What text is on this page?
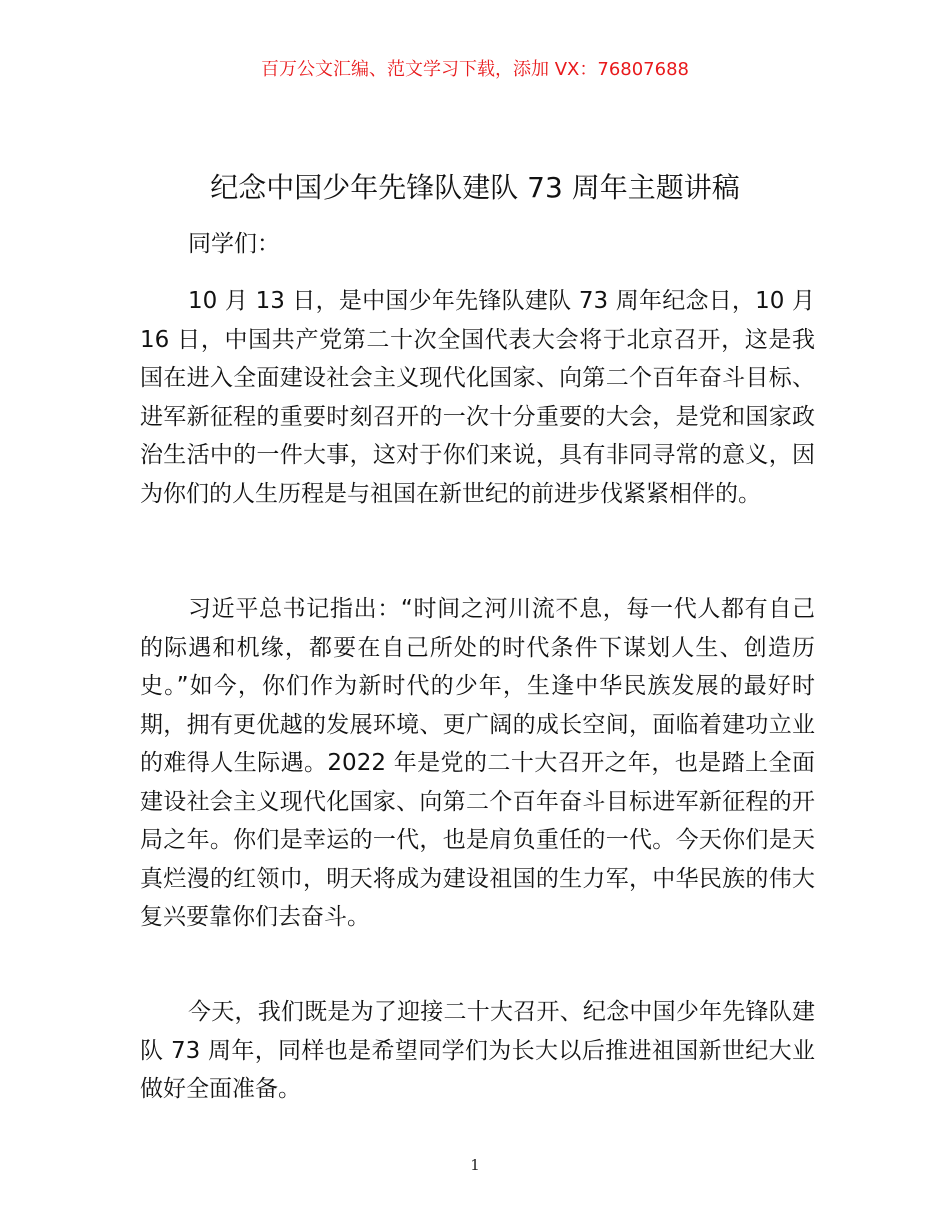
百万公文汇编、范文学习下载，添加 VX：76807688
纪念中国少年先锋队建队 73 周年主题讲稿

同学们：

10 月 13 日，是中国少年先锋队建队 73 周年纪念日，10 月 16 日，中国共产党第二十次全国代表大会将于北京召开，这是我国在进入全面建设社会主义现代化国家、向第二个百年奋斗目标、进军新征程的重要时刻召开的一次十分重要的大会，是党和国家政治生活中的一件大事，这对于你们来说，具有非同寻常的意义，因为你们的人生历程是与祖国在新世纪的前进步伐紧紧相伴的。

习近平总书记指出：“时间之河川流不息，每一代人都有自己的际遇和机缘，都要在自己所处的时代条件下谋划人生、创造历史。”如今，你们作为新时代的少年，生逢中华民族发展的最好时期，拥有更优越的发展环境、更广阔的成长空间，面临着建功立业的难得人生际遇。2022 年是党的二十大召开之年，也是踏上全面建设社会主义现代化国家、向第二个百年奋斗目标进军新征程的开局之年。你们是幸运的一代，也是肩负重任的一代。今天你们是天真烂漫的红领巾，明天将成为建设祖国的生力军，中华民族的伟大复兴要靠你们去奋斗。

今天，我们既是为了迎接二十大召开、纪念中国少年先锋队建队 73 周年，同样也是希望同学们为长大以后推进祖国新世纪大业做好全面准备。

1
